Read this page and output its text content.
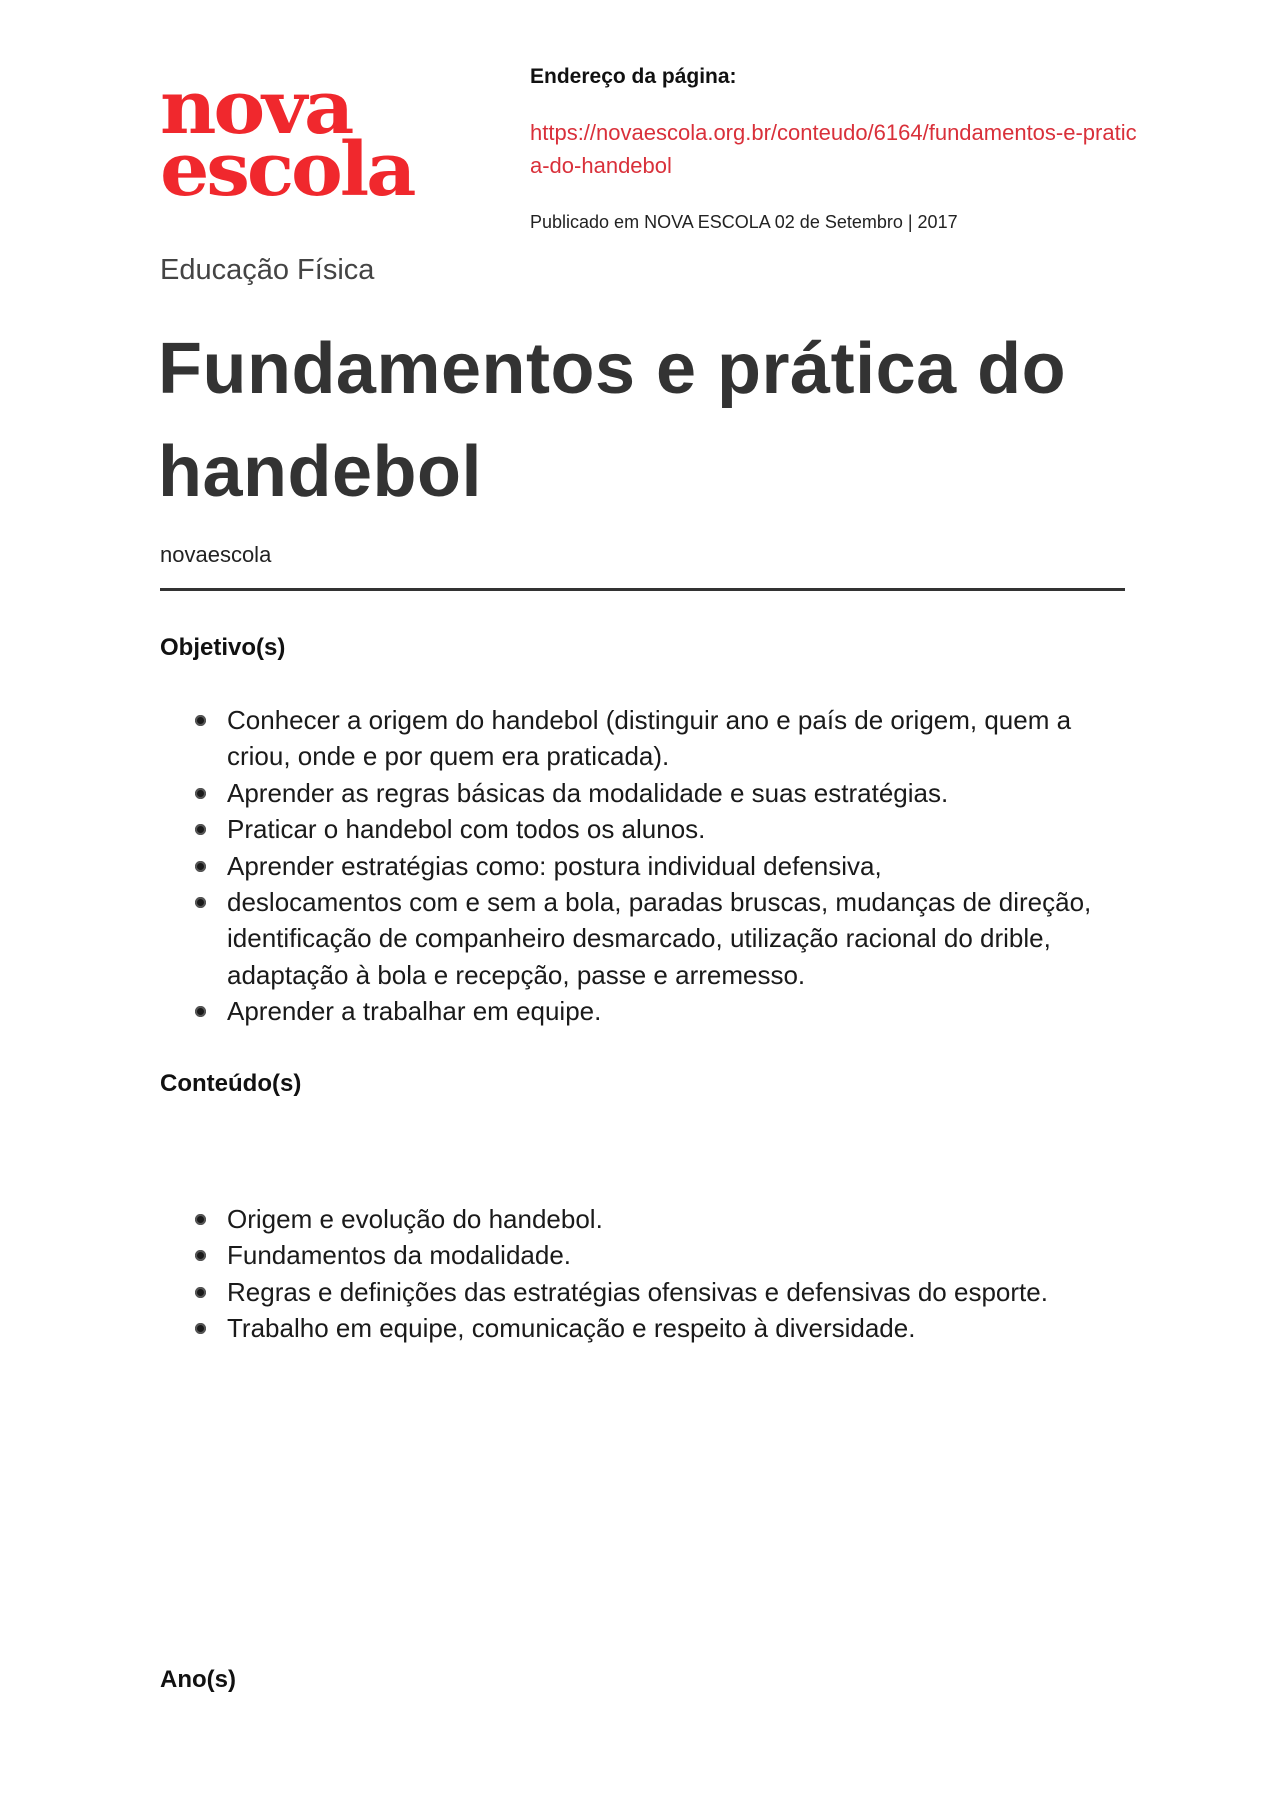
nova
escola

Endereço da página:

https://novaescola.org.br/conteudo/6164/fundamentos-e-pratica-do-handebol
Publicado em NOVA ESCOLA 02 de Setembro | 2017
Educação Física
Fundamentos e prática do handebol
novaescola
Objetivo(s)
Conhecer a origem do handebol (distinguir ano e país de origem, quem a criou, onde e por quem era praticada).
Aprender as regras básicas da modalidade e suas estratégias.
Praticar o handebol com todos os alunos.
Aprender estratégias como: postura individual defensiva,
deslocamentos com e sem a bola, paradas bruscas, mudanças de direção, identificação de companheiro desmarcado, utilização racional do drible, adaptação à bola e recepção, passe e arremesso.
Aprender a trabalhar em equipe.
Conteúdo(s)
Origem e evolução do handebol.
Fundamentos da modalidade.
Regras e definições das estratégias ofensivas e defensivas do esporte.
Trabalho em equipe, comunicação e respeito à diversidade.
Ano(s)
